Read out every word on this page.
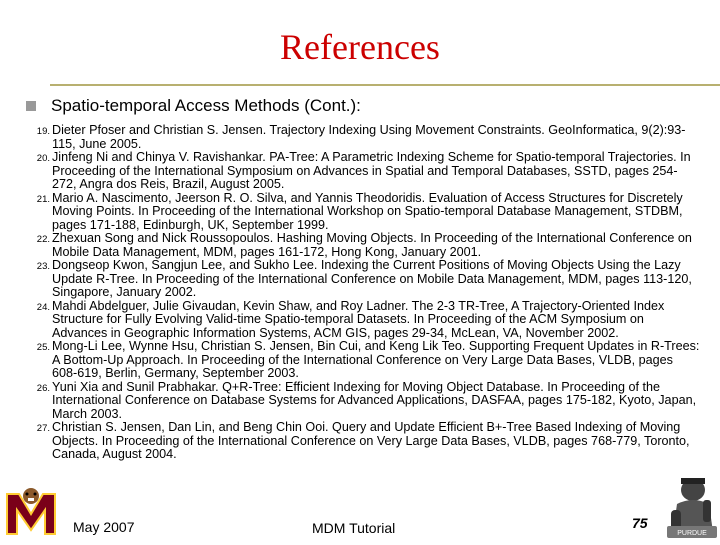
References
Spatio-temporal Access Methods (Cont.):
19. Dieter Pfoser and Christian S. Jensen. Trajectory Indexing Using Movement Constraints. GeoInformatica, 9(2):93-115, June 2005.
20. Jinfeng Ni and Chinya V. Ravishankar. PA-Tree: A Parametric Indexing Scheme for Spatio-temporal Trajectories. In Proceeding of the International Symposium on Advances in Spatial and Temporal Databases, SSTD, pages 254-272, Angra dos Reis, Brazil, August 2005.
21. Mario A. Nascimento, Jeerson R. O. Silva, and Yannis Theodoridis. Evaluation of Access Structures for Discretely Moving Points. In Proceeding of the International Workshop on Spatio-temporal Database Management, STDBM, pages 171-188, Edinburgh, UK, September 1999.
22. Zhexuan Song and Nick Roussopoulos. Hashing Moving Objects. In Proceeding of the International Conference on Mobile Data Management, MDM, pages 161-172, Hong Kong, January 2001.
23. Dongseop Kwon, Sangjun Lee, and Sukho Lee. Indexing the Current Positions of Moving Objects Using the Lazy Update R-Tree. In Proceeding of the International Conference on Mobile Data Management, MDM, pages 113-120, Singapore, January 2002.
24. Mahdi Abdelguer, Julie Givaudan, Kevin Shaw, and Roy Ladner. The 2-3 TR-Tree, A Trajectory-Oriented Index Structure for Fully Evolving Valid-time Spatio-temporal Datasets. In Proceeding of the ACM Symposium on Advances in Geographic Information Systems, ACM GIS, pages 29-34, McLean, VA, November 2002.
25. Mong-Li Lee, Wynne Hsu, Christian S. Jensen, Bin Cui, and Keng Lik Teo. Supporting Frequent Updates in R-Trees: A Bottom-Up Approach. In Proceeding of the International Conference on Very Large Data Bases, VLDB, pages 608-619, Berlin, Germany, September 2003.
26. Yuni Xia and Sunil Prabhakar. Q+R-Tree: Efficient Indexing for Moving Object Database. In Proceeding of the International Conference on Database Systems for Advanced Applications, DASFAA, pages 175-182, Kyoto, Japan, March 2003.
27. Christian S. Jensen, Dan Lin, and Beng Chin Ooi. Query and Update Efficient B+-Tree Based Indexing of Moving Objects. In Proceeding of the International Conference on Very Large Data Bases, VLDB, pages 768-779, Toronto, Canada, August 2004.
May 2007	MDM Tutorial	75
PURDUE
